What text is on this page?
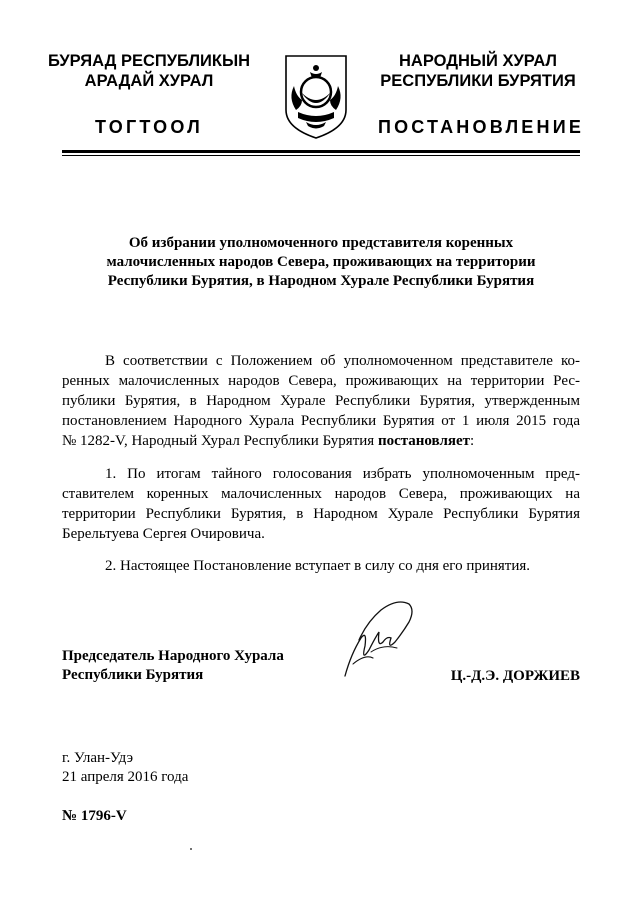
БУРЯАД РЕСПУБЛИКЫН
АРАДАЙ ХУРАЛ
НАРОДНЫЙ ХУРАЛ
РЕСПУБЛИКИ БУРЯТИЯ
ТОГТООЛ	ПОСТАНОВЛЕНИЕ
Об избрании уполномоченного представителя коренных
малочисленных народов Севера, проживающих на территории
Республики Бурятия, в Народном Хурале Республики Бурятия
В соответствии с Положением об уполномоченном представителе ко-
ренных малочисленных народов Севера, проживающих на территории Рес-
публики Бурятия, в Народном Хурале Республики Бурятия, утвержденным
постановлением Народного Хурала Республики Бурятия от 1 июля 2015 года
№ 1282-V, Народный Хурал Республики Бурятия постановляет:
1. По итогам тайного голосования избрать уполномоченным пред-
ставителем коренных малочисленных народов Севера, проживающих на
территории Республики Бурятия, в Народном Хурале Республики Бурятия
Берельтуева Сергея Очировича.
2. Настоящее Постановление вступает в силу со дня его принятия.
Председатель Народного Хурала
Республики Бурятия	Ц.-Д.Э. ДОРЖИЕВ
г. Улан-Удэ
21 апреля 2016 года
№ 1796-V
